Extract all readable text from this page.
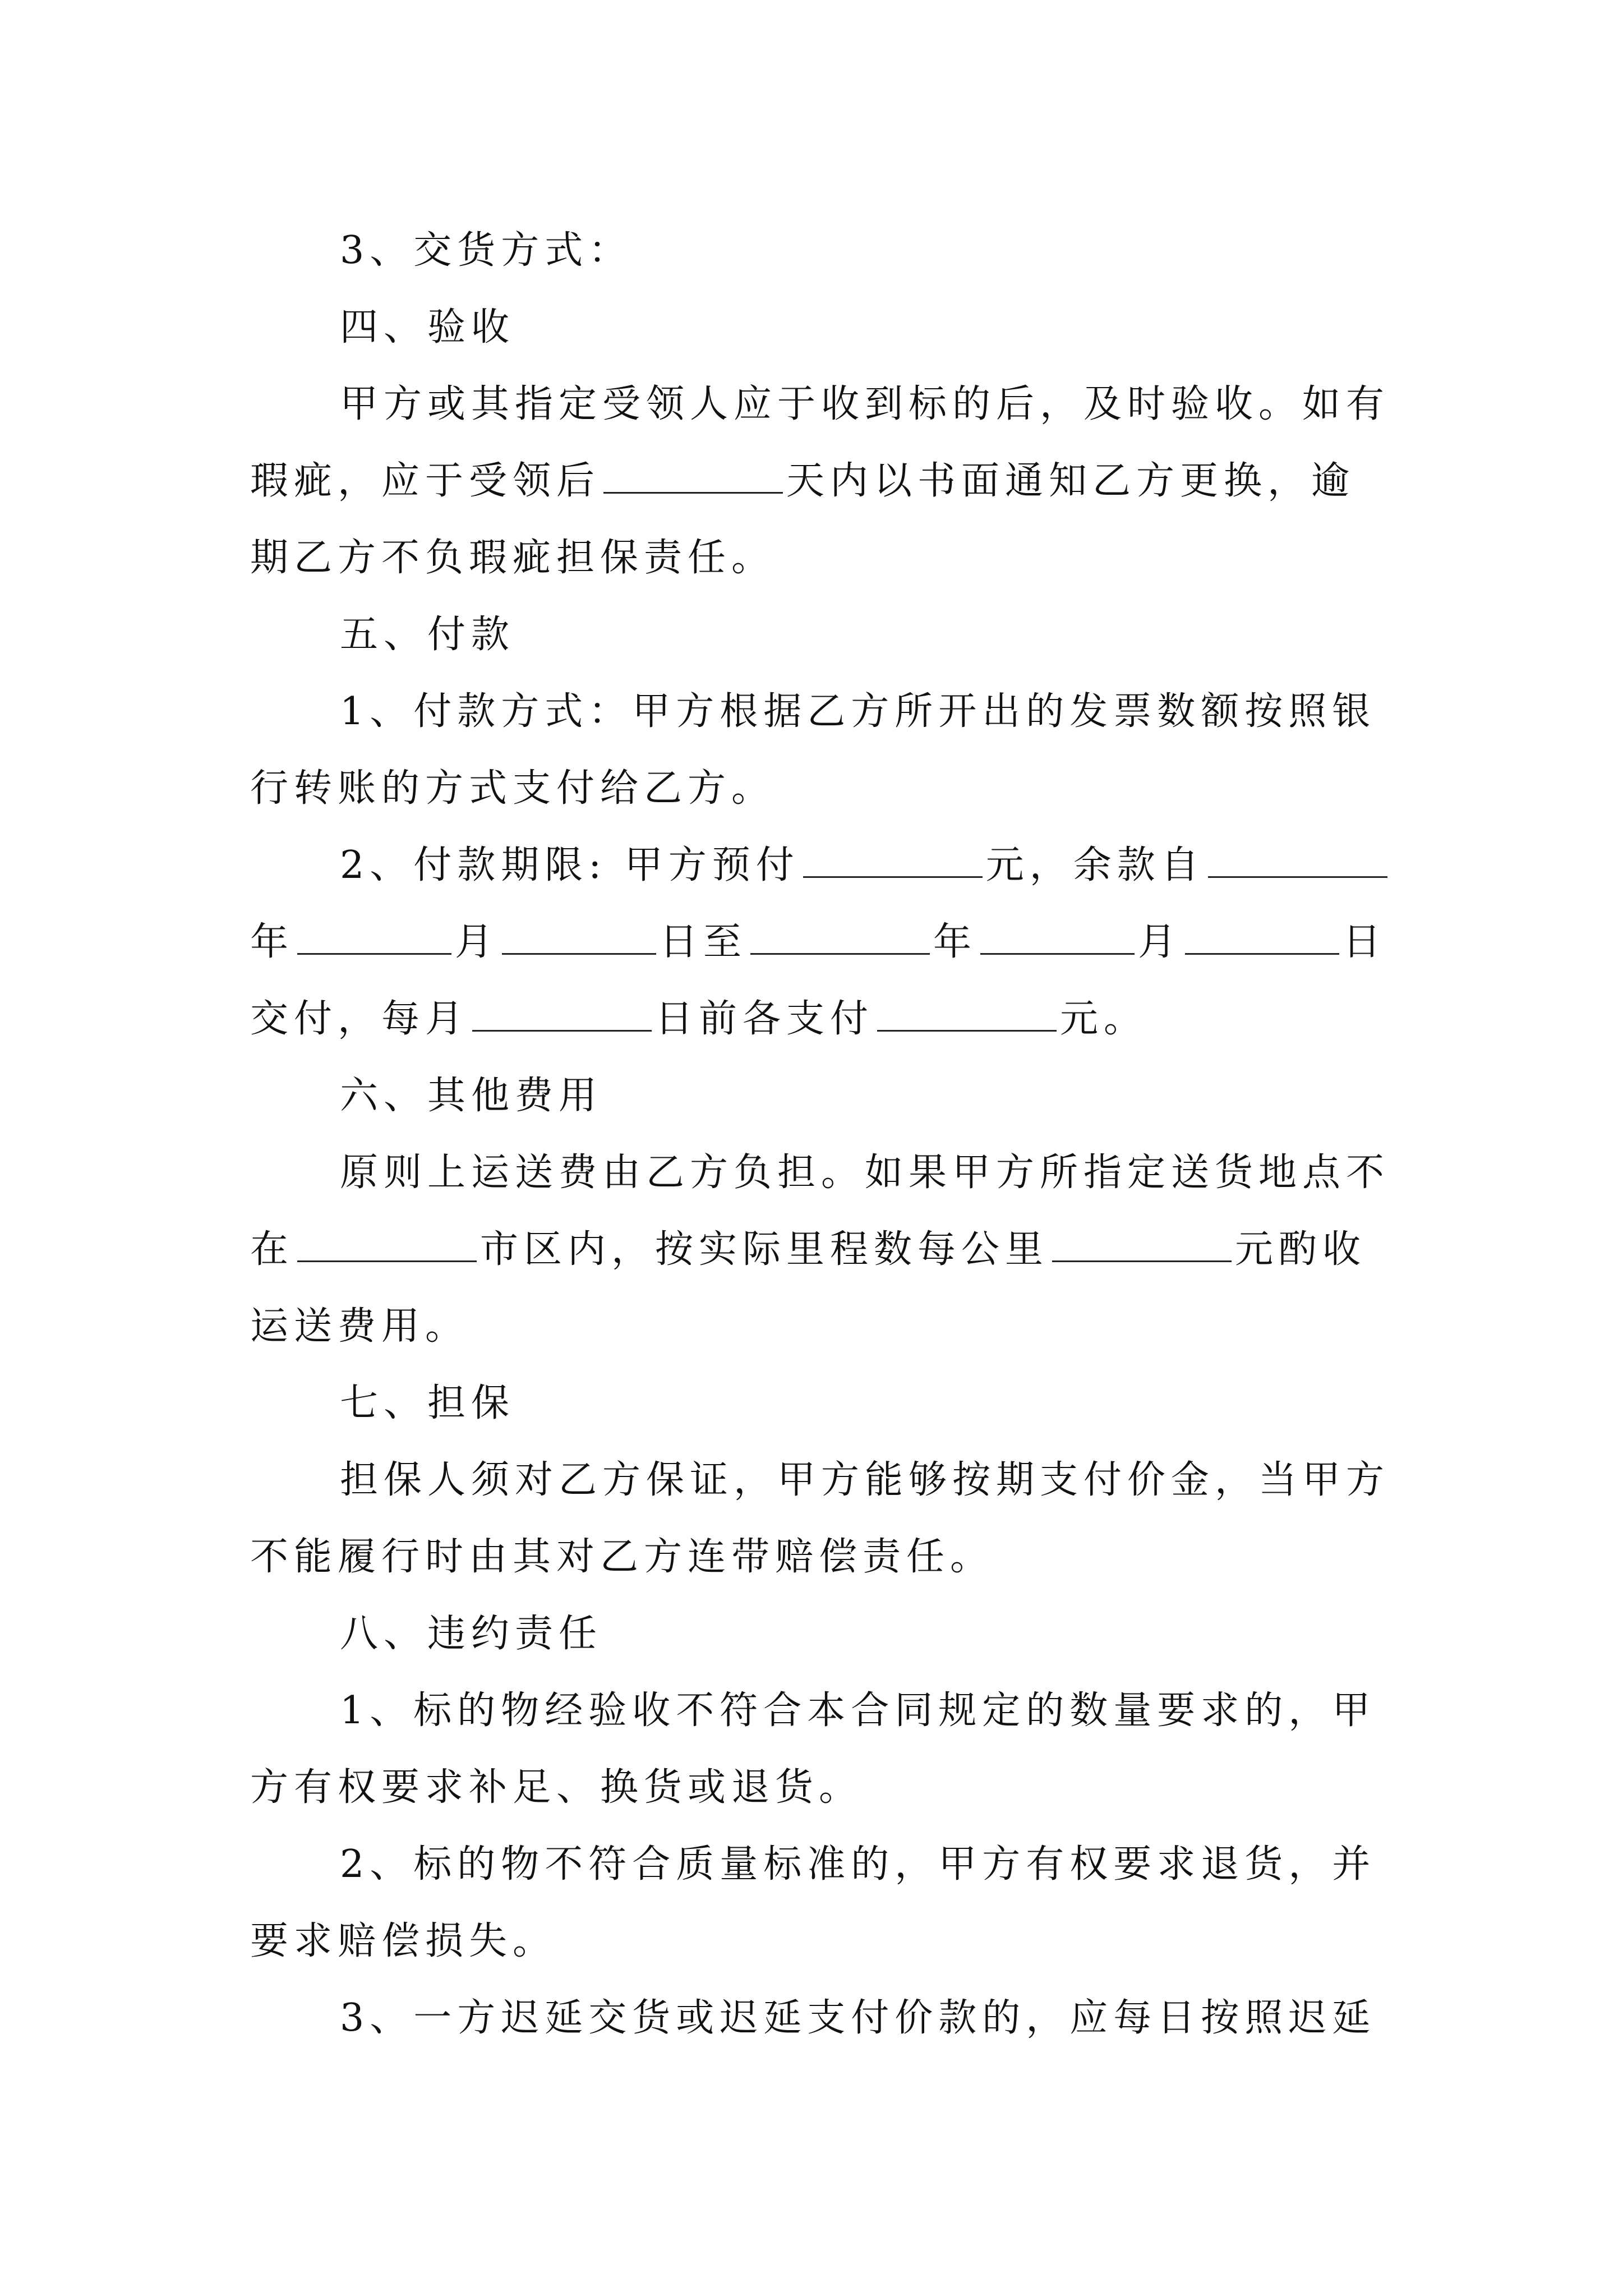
3、交货方式：
四、验收
甲方或其指定受领人应于收到标的后，及时验收。如有
瑕疵，应于受领后	天内以书面通知乙方更换，逾
期乙方不负瑕疵担保责任。
五、付款
1、付款方式：甲方根据乙方所开出的发票数额按照银
行转账的方式支付给乙方。
2、付款期限: 甲方预付	元，余款自
年	月	日至	年	月	日
交付，每月	日前各支付	元。
六、其他费用
原则上运送费由乙方负担。如果甲方所指定送货地点不
在	市区内，按实际里程数每公里	元酌收
运送费用。
七、担保
担保人须对乙方保证，甲方能够按期支付价金，当甲方
不能履行时由其对乙方连带赔偿责任。
八、违约责任
1、标的物经验收不符合本合同规定的数量要求的，甲
方有权要求补足、换货或退货。
2、标的物不符合质量标准的，甲方有权要求退货，并
要求赔偿损失。
3、一方迟延交货或迟延支付价款的，应每日按照迟延
